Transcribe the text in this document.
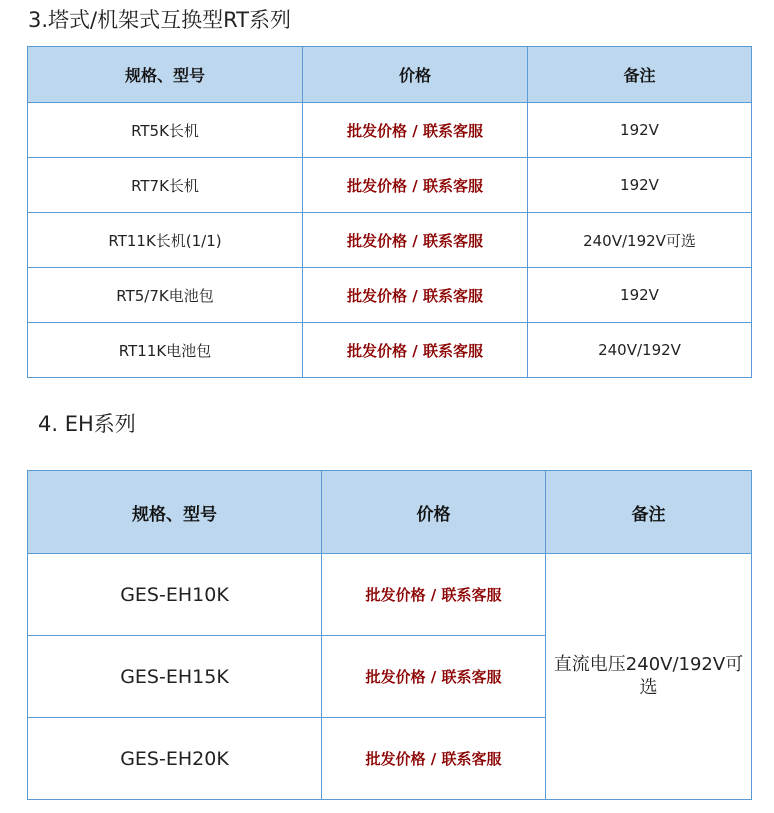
3.塔式/机架式互换型RT系列
规格、型号	价格	备注
RT5K长机	批发价格 / 联系客服	192V
RT7K长机	批发价格 / 联系客服	192V
RT11K长机(1/1)	批发价格 / 联系客服	240V/192V可选
RT5/7K电池包	批发价格 / 联系客服	192V
RT11K电池包	批发价格 / 联系客服	240V/192V
4. EH系列
规格、型号	价格	备注
GES-EH10K	批发价格 / 联系客服	直流电压240V/192V可选
GES-EH15K	批发价格 / 联系客服	
GES-EH20K	批发价格 / 联系客服	
